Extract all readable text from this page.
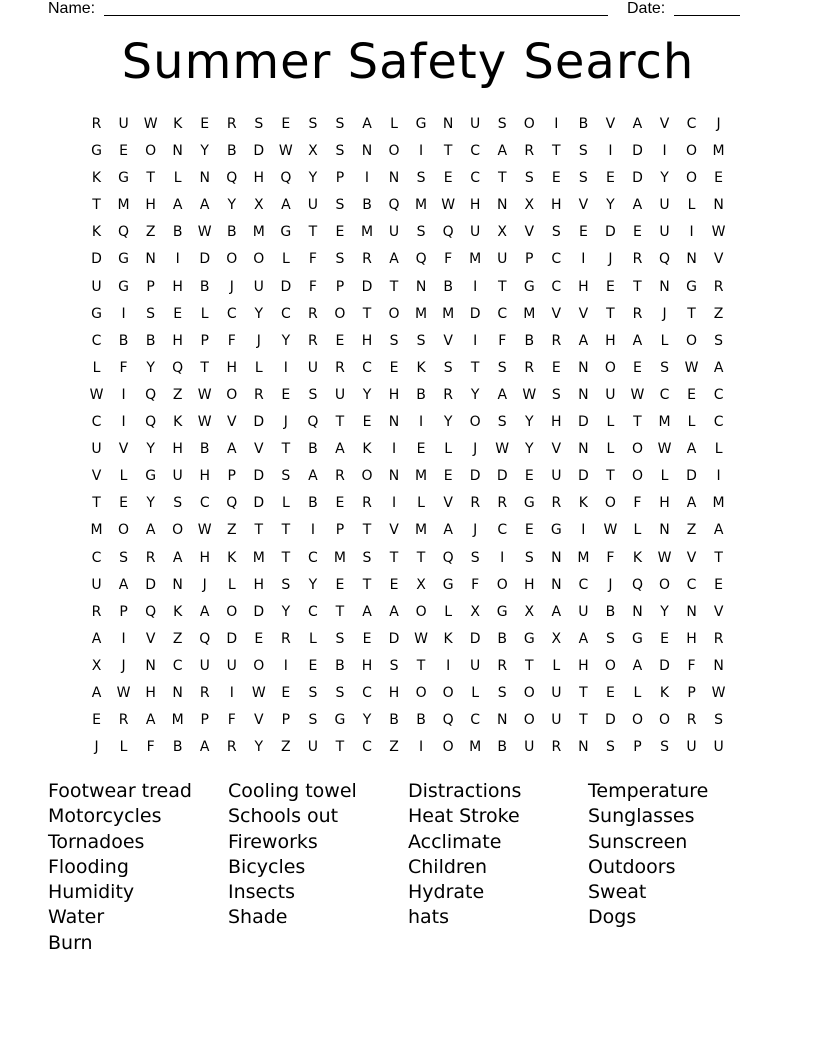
Name:	Date:
Summer Safety Search
R	U	W	K	E	R	S	E	S	S	A	L	G	N	U	S	O	I	B	V	A	V	C	J
G	E	O	N	Y	B	D	W	X	S	N	O	I	T	C	A	R	T	S	I	D	I	O	M
K	G	T	L	N	Q	H	Q	Y	P	I	N	S	E	C	T	S	E	S	E	D	Y	O	E
T	M	H	A	A	Y	X	A	U	S	B	Q	M	W	H	N	X	H	V	Y	A	U	L	N
K	Q	Z	B	W	B	M	G	T	E	M	U	S	Q	U	X	V	S	E	D	E	U	I	W
D	G	N	I	D	O	O	L	F	S	R	A	Q	F	M	U	P	C	I	J	R	Q	N	V
U	G	P	H	B	J	U	D	F	P	D	T	N	B	I	T	G	C	H	E	T	N	G	R
G	I	S	E	L	C	Y	C	R	O	T	O	M	M	D	C	M	V	V	T	R	J	T	Z
C	B	B	H	P	F	J	Y	R	E	H	S	S	V	I	F	B	R	A	H	A	L	O	S
L	F	Y	Q	T	H	L	I	U	R	C	E	K	S	T	S	R	E	N	O	E	S	W	A
W	I	Q	Z	W	O	R	E	S	U	Y	H	B	R	Y	A	W	S	N	U	W	C	E	C
C	I	Q	K	W	V	D	J	Q	T	E	N	I	Y	O	S	Y	H	D	L	T	M	L	C
U	V	Y	H	B	A	V	T	B	A	K	I	E	L	J	W	Y	V	N	L	O	W	A	L
V	L	G	U	H	P	D	S	A	R	O	N	M	E	D	D	E	U	D	T	O	L	D	I
T	E	Y	S	C	Q	D	L	B	E	R	I	L	V	R	R	G	R	K	O	F	H	A	M
M	O	A	O	W	Z	T	T	I	P	T	V	M	A	J	C	E	G	I	W	L	N	Z	A
C	S	R	A	H	K	M	T	C	M	S	T	T	Q	S	I	S	N	M	F	K	W	V	T
U	A	D	N	J	L	H	S	Y	E	T	E	X	G	F	O	H	N	C	J	Q	O	C	E
R	P	Q	K	A	O	D	Y	C	T	A	A	O	L	X	G	X	A	U	B	N	Y	N	V
A	I	V	Z	Q	D	E	R	L	S	E	D	W	K	D	B	G	X	A	S	G	E	H	R
X	J	N	C	U	U	O	I	E	B	H	S	T	I	U	R	T	L	H	O	A	D	F	N
A	W	H	N	R	I	W	E	S	S	C	H	O	O	L	S	O	U	T	E	L	K	P	W
E	R	A	M	P	F	V	P	S	G	Y	B	B	Q	C	N	O	U	T	D	O	O	R	S
J	L	F	B	A	R	Y	Z	U	T	C	Z	I	O	M	B	U	R	N	S	P	S	U	U
Footwear tread	Cooling towel	Distractions	Temperature
Motorcycles	Schools out	Heat Stroke	Sunglasses
Tornadoes	Fireworks	Acclimate	Sunscreen
Flooding	Bicycles	Children	Outdoors
Humidity	Insects	Hydrate	Sweat
Water	Shade	hats	Dogs
Burn
